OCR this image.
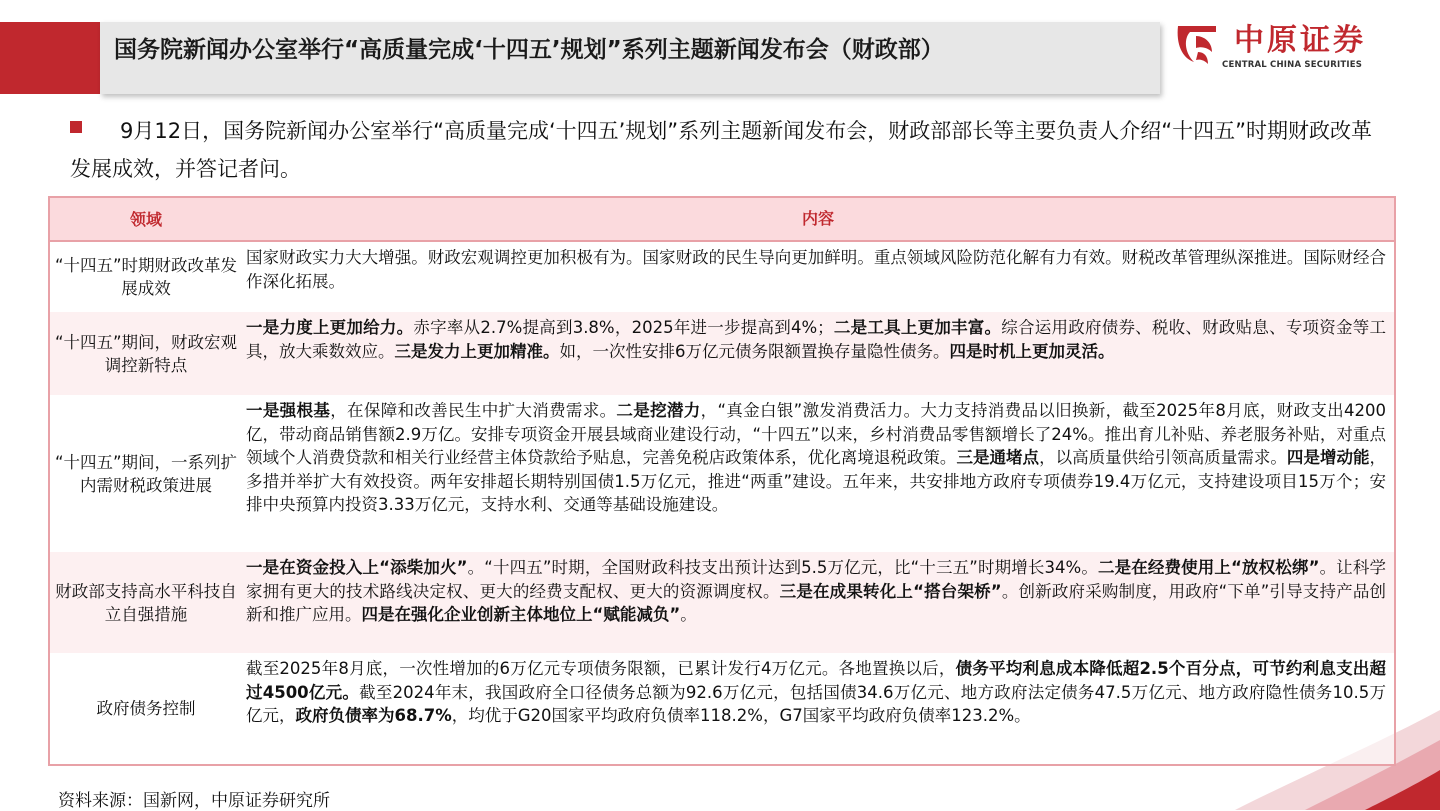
国务院新闻办公室举行“高质量完成‘十四五’规划”系列主题新闻发布会（财政部）	中原证券
CENTRAL CHINA SECURITIES
9月12日，国务院新闻办公室举行“高质量完成‘十四五’规划”系列主题新闻发布会，财政部部长等主要负责人介绍“十四五”时期财政改革发展成效，并答记者问。
领域	内容
“十四五”时期财政改革发展成效
国家财政实力大大增强。财政宏观调控更加积极有为。国家财政的民生导向更加鲜明。重点领域风险防范化解有力有效。财税改革管理纵深推进。国际财经合作深化拓展。
“十四五”期间，财政宏观调控新特点
一是力度上更加给力。赤字率从2.7%提高到3.8%，2025年进一步提高到4%；二是工具上更加丰富。综合运用政府债券、税收、财政贴息、专项资金等工具，放大乘数效应。三是发力上更加精准。如，一次性安排6万亿元债务限额置换存量隐性债务。四是时机上更加灵活。
“十四五”期间，一系列扩内需财税政策进展
一是强根基，在保障和改善民生中扩大消费需求。二是挖潜力，“真金白银”激发消费活力。大力支持消费品以旧换新，截至2025年8月底，财政支出4200亿，带动商品销售额2.9万亿。安排专项资金开展县域商业建设行动，“十四五”以来，乡村消费品零售额增长了24%。推出育儿补贴、养老服务补贴，对重点领域个人消费贷款和相关行业经营主体贷款给予贴息，完善免税店政策体系，优化离境退税政策。三是通堵点，以高质量供给引领高质量需求。四是增动能，多措并举扩大有效投资。两年安排超长期特别国债1.5万亿元，推进“两重”建设。五年来，共安排地方政府专项债券19.4万亿元，支持建设项目15万个；安排中央预算内投资3.33万亿元，支持水利、交通等基础设施建设。
财政部支持高水平科技自立自强措施
一是在资金投入上“添柴加火”。“十四五”时期，全国财政科技支出预计达到5.5万亿元，比“十三五”时期增长34%。二是在经费使用上“放权松绑”。让科学家拥有更大的技术路线决定权、更大的经费支配权、更大的资源调度权。三是在成果转化上“搭台架桥”。创新政府采购制度，用政府“下单”引导支持产品创新和推广应用。四是在强化企业创新主体地位上“赋能减负”。
政府债务控制
截至2025年8月底，一次性增加的6万亿元专项债务限额，已累计发行4万亿元。各地置换以后，债务平均利息成本降低超2.5个百分点，可节约利息支出超过4500亿元。截至2024年末，我国政府全口径债务总额为92.6万亿元，包括国债34.6万亿元、地方政府法定债务47.5万亿元、地方政府隐性债务10.5万亿元，政府负债率为68.7%，均优于G20国家平均政府负债率118.2%，G7国家平均政府负债率123.2%。
资料来源：国新网，中原证券研究所
